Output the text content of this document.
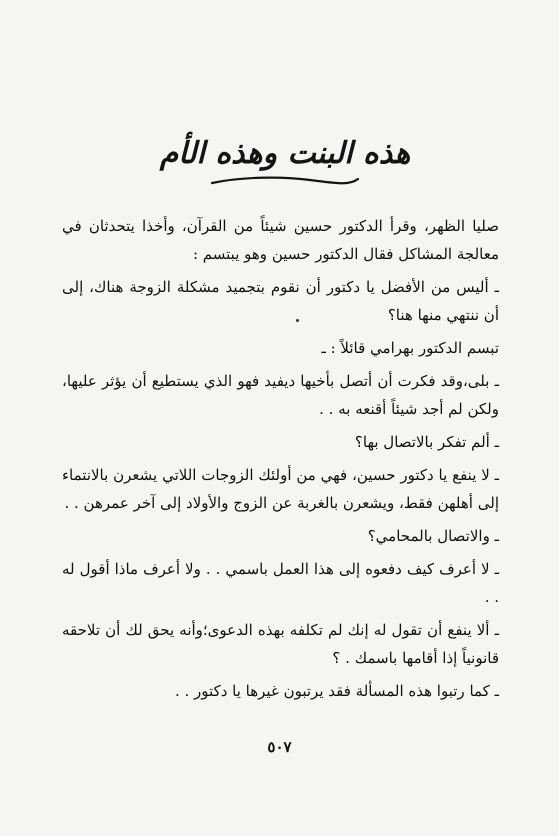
هذه البنت وهذه الأم

صليا الظهر، وقرأ الدكتور حسين شيئاً من القرآن، وأخذا يتحدثان في معالجة المشاكل فقال الدكتور حسين وهو يبتسم :

ـ أليس من الأفضل يا دكتور أن نقوم بتجميد مشكلة الزوجة هناك، إلى أن ننتهي منها هنا؟

تبسم الدكتور بهرامي قائلاً : ـ

ـ بلى،وقد فكرت أن أتصل بأخيها ديفيد فهو الذي يستطيع أن يؤثر عليها، ولكن لم أجد شيئاً أقنعه به . .

ـ ألم تفكر بالاتصال بها؟

ـ لا ينفع يا دكتور حسين، فهي من أولئك الزوجات اللاتي يشعرن بالانتماء إلى أهلهن فقط، ويشعرن بالغربة عن الزوج والأولاد إلى آخر عمرهن . .

ـ والاتصال بالمحامي؟

ـ لا أعرف كيف دفعوه إلى هذا العمل باسمي . . ولا أعرف ماذا أقول له . .

ـ ألا ينفع أن تقول له إنك لم تكلفه بهذه الدعوى؛وأنه يحق لك أن تلاحقه قانونياً إذا أقامها باسمك . ؟

ـ كما رتبوا هذه المسألة فقد يرتبون غيرها يا دكتور . .

٥٠٧
